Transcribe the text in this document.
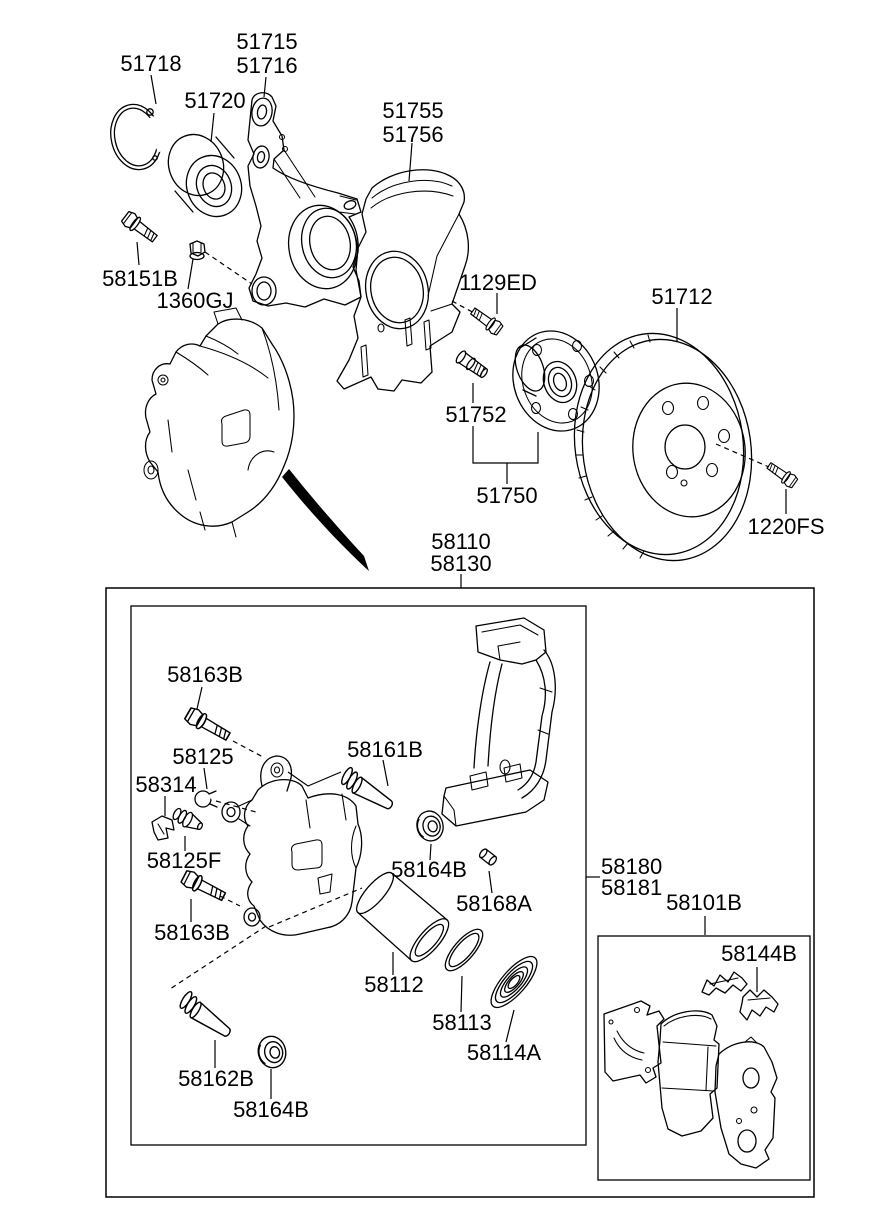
51718
51715
51716
51720	51755
51756
58151B
1360GJ
1129ED
51712
51752
51750
1220FS
58110
58130
58163B
58125
58314
58125F
58163B
58161B
58164B
58168A
58112
58113
58114A
58162B
58164B
58180
58181
58101B
58144B
